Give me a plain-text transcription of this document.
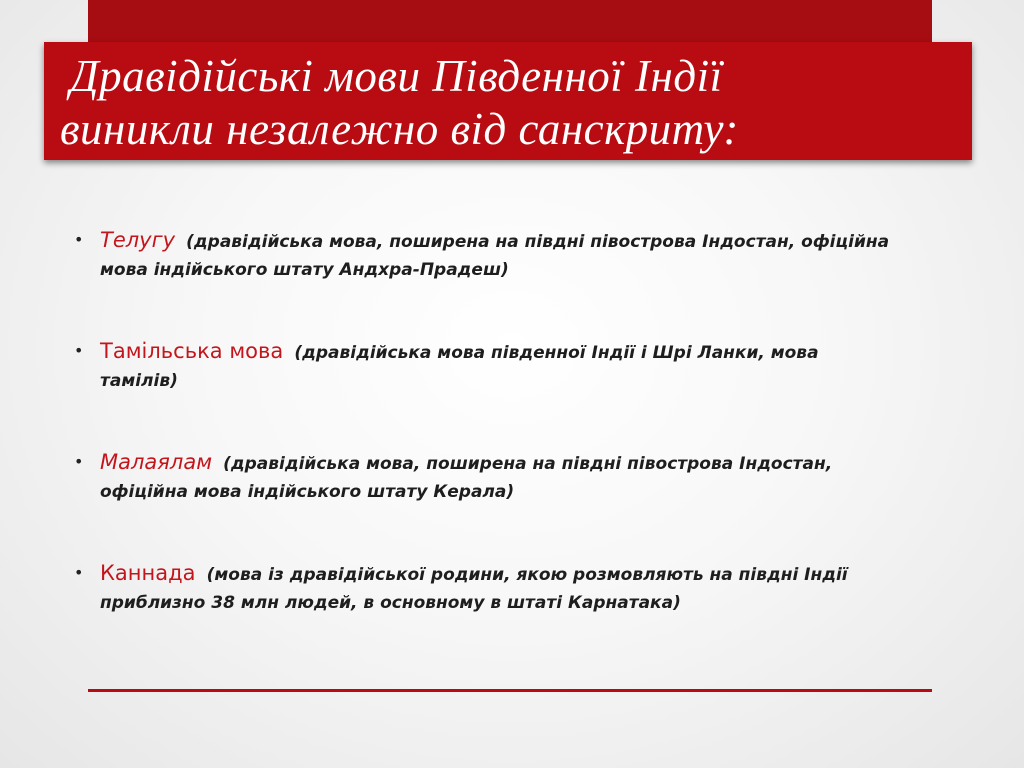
Дравідійські мови Південної Індії
виникли незалежно від санскриту:
• Телугу (дравідійська мова, поширена на півдні півострова Індостан, офіційна мова індійського штату Андхра-Прадеш)
• Тамільська мова (дравідійська мова південної Індії і Шрі Ланки, мова тамілів)
• Малаялам (дравідійська мова, поширена на півдні півострова Індостан, офіційна мова індійського штату Керала)
• Каннада (мова із дравідійської родини, якою розмовляють на півдні Індії приблизно 38 млн людей, в основному в штаті Карнатака)
